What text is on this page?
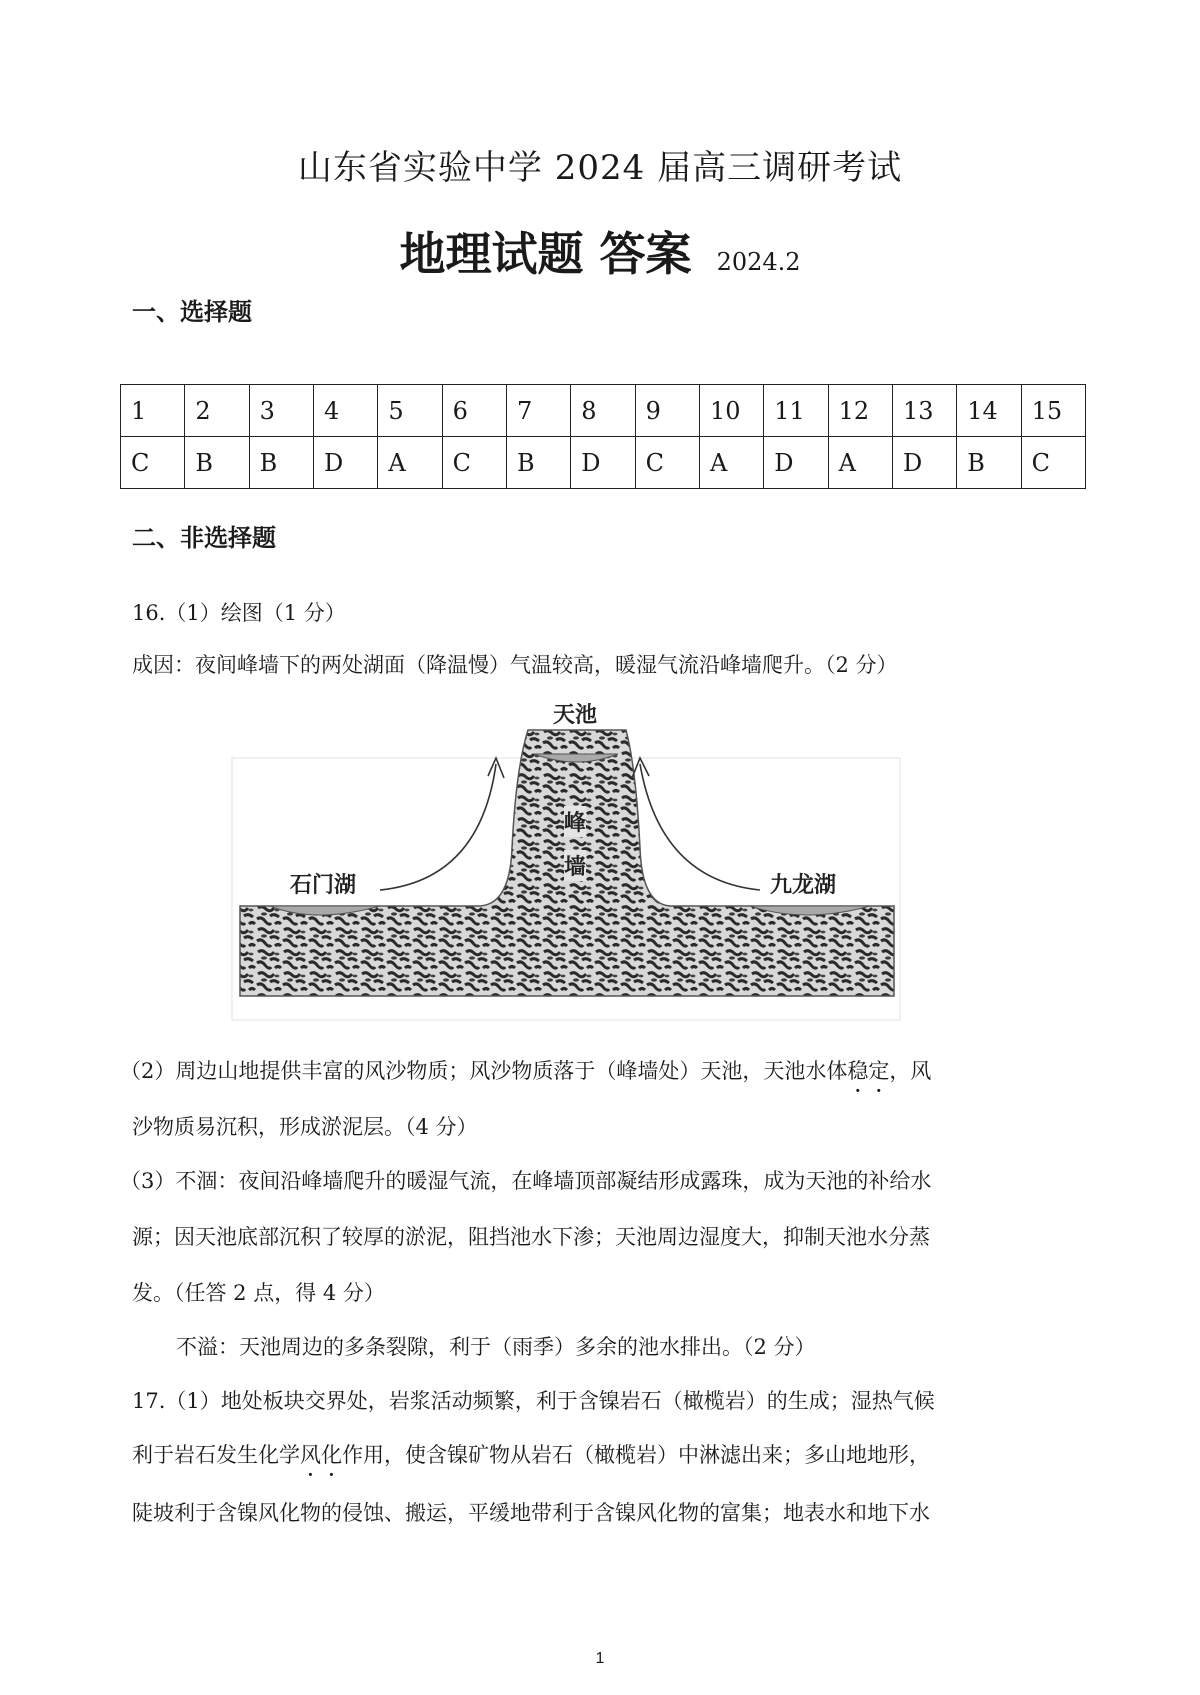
山东省实验中学 2024 届高三调研考试
地理试题 答案 2024.2
一、选择题
1	2	3	4	5	6	7	8	9	10	11	12	13	14	15
C	B	B	D	A	C	B	D	C	A	D	A	D	B	C
二、非选择题
16.（1）绘图（1 分）
成因：夜间峰墙下的两处湖面（降温慢）气温较高，暖湿气流沿峰墙爬升。（2 分）
天池
峰
墙
石门湖	九龙湖
（2）周边山地提供丰富的风沙物质；风沙物质落于（峰墙处）天池，天池水体稳定，风
沙物质易沉积，形成淤泥层。（4 分）
（3）不涸：夜间沿峰墙爬升的暖湿气流，在峰墙顶部凝结形成露珠，成为天池的补给水
源；因天池底部沉积了较厚的淤泥，阻挡池水下渗；天池周边湿度大，抑制天池水分蒸
发。（任答 2 点，得 4 分）
不溢：天池周边的多条裂隙，利于（雨季）多余的池水排出。（2 分）
17.（1）地处板块交界处，岩浆活动频繁，利于含镍岩石（橄榄岩）的生成；湿热气候
利于岩石发生化学风化作用，使含镍矿物从岩石（橄榄岩）中淋滤出来；多山地地形，
陡坡利于含镍风化物的侵蚀、搬运，平缓地带利于含镍风化物的富集；地表水和地下水
1
